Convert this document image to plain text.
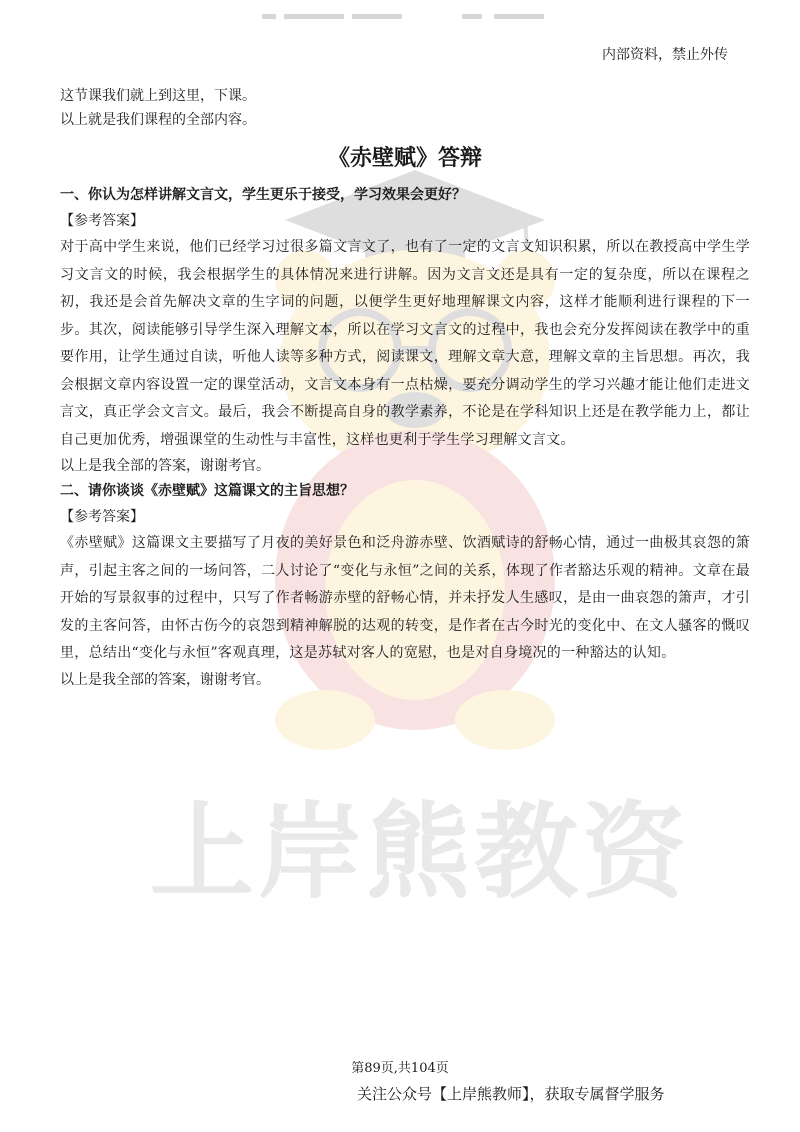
上岸熊教资
内部资料，禁止外传

这节课我们就上到这里，下课。

以上就是我们课程的全部内容。

《赤壁赋》答辩

一、你认为怎样讲解文言文，学生更乐于接受，学习效果会更好？

【参考答案】

对于高中学生来说，他们已经学习过很多篇文言文了，也有了一定的文言文知识积累，所以在教授高中学生学习文言文的时候，我会根据学生的具体情况来进行讲解。因为文言文还是具有一定的复杂度，所以在课程之初，我还是会首先解决文章的生字词的问题，以便学生更好地理解课文内容，这样才能顺利进行课程的下一步。其次，阅读能够引导学生深入理解文本，所以在学习文言文的过程中，我也会充分发挥阅读在教学中的重要作用，让学生通过自读，听他人读等多种方式，阅读课文，理解文章大意，理解文章的主旨思想。再次，我会根据文章内容设置一定的课堂活动，文言文本身有一点枯燥，要充分调动学生的学习兴趣才能让他们走进文言文，真正学会文言文。最后，我会不断提高自身的教学素养，不论是在学科知识上还是在教学能力上，都让自己更加优秀，增强课堂的生动性与丰富性，这样也更利于学生学习理解文言文。

以上是我全部的答案，谢谢考官。

二、请你谈谈《赤壁赋》这篇课文的主旨思想？

【参考答案】

《赤壁赋》这篇课文主要描写了月夜的美好景色和泛舟游赤壁、饮酒赋诗的舒畅心情，通过一曲极其哀怨的箫声，引起主客之间的一场问答，二人讨论了“变化与永恒”之间的关系，体现了作者豁达乐观的精神。文章在最开始的写景叙事的过程中，只写了作者畅游赤壁的舒畅心情，并未抒发人生感叹，是由一曲哀怨的箫声，才引发的主客问答，由怀古伤今的哀怨到精神解脱的达观的转变，是作者在古今时光的变化中、在文人骚客的慨叹里，总结出“变化与永恒”客观真理，这是苏轼对客人的宽慰，也是对自身境况的一种豁达的认知。

以上是我全部的答案，谢谢考官。

第89页,共104页
关注公众号【上岸熊教师】，获取专属督学服务
